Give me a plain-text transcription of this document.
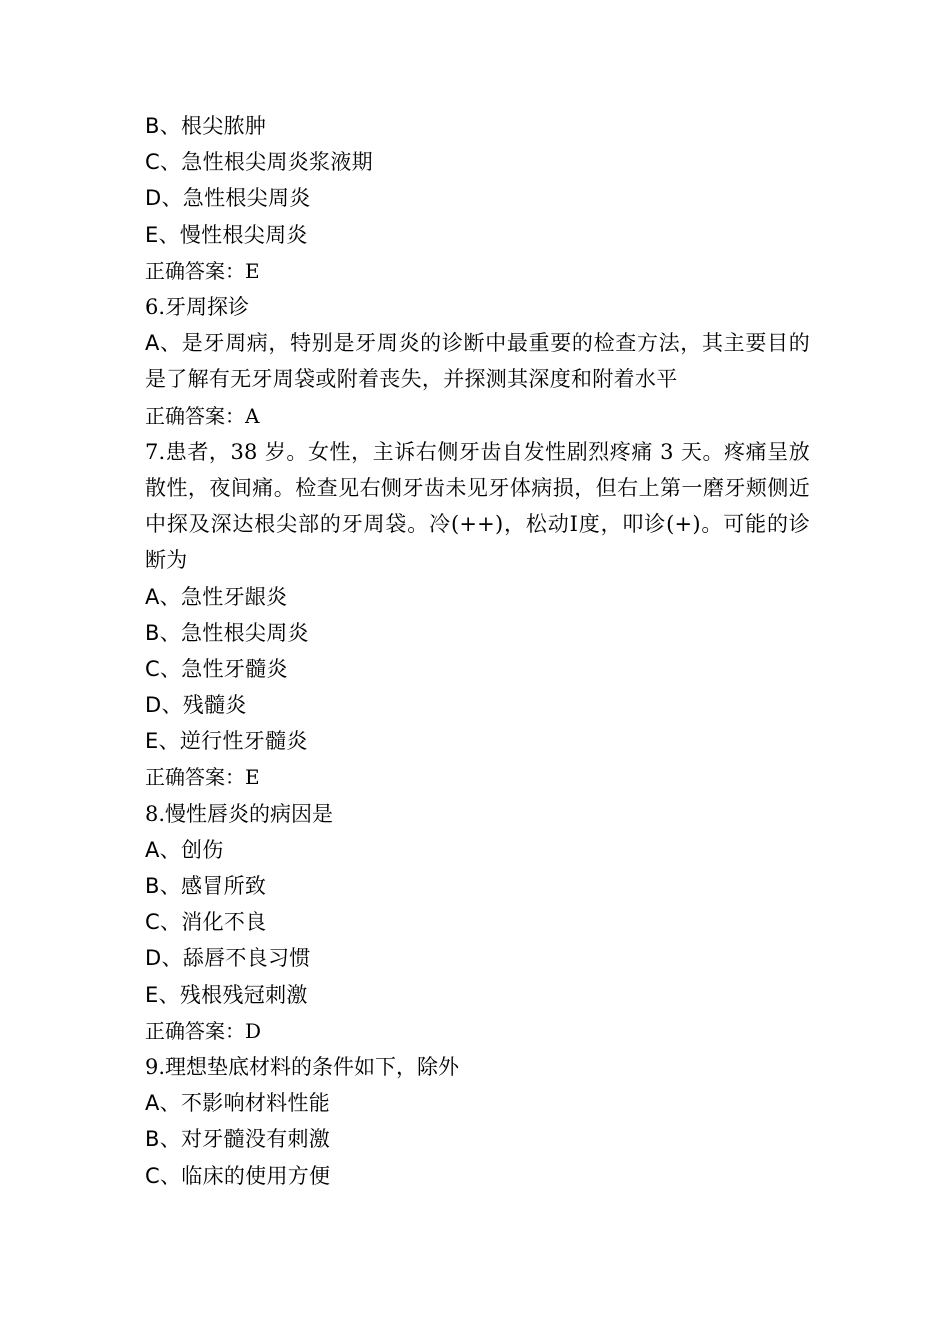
B、根尖脓肿
C、急性根尖周炎浆液期
D、急性根尖周炎
E、慢性根尖周炎
正确答案：E
6.牙周探诊
A、是牙周病，特别是牙周炎的诊断中最重要的检查方法，其主要目的是了解有无牙周袋或附着丧失，并探测其深度和附着水平
正确答案：A
7.患者，38 岁。女性，主诉右侧牙齿自发性剧烈疼痛 3 天。疼痛呈放散性，夜间痛。检查见右侧牙齿未见牙体病损，但右上第一磨牙颊侧近中探及深达根尖部的牙周袋。冷(++)，松动Ⅰ度，叩诊(+)。可能的诊断为
A、急性牙龈炎
B、急性根尖周炎
C、急性牙髓炎
D、残髓炎
E、逆行性牙髓炎
正确答案：E
8.慢性唇炎的病因是
A、创伤
B、感冒所致
C、消化不良
D、舔唇不良习惯
E、残根残冠刺激
正确答案：D
9.理想垫底材料的条件如下，除外
A、不影响材料性能
B、对牙髓没有刺激
C、临床的使用方便
